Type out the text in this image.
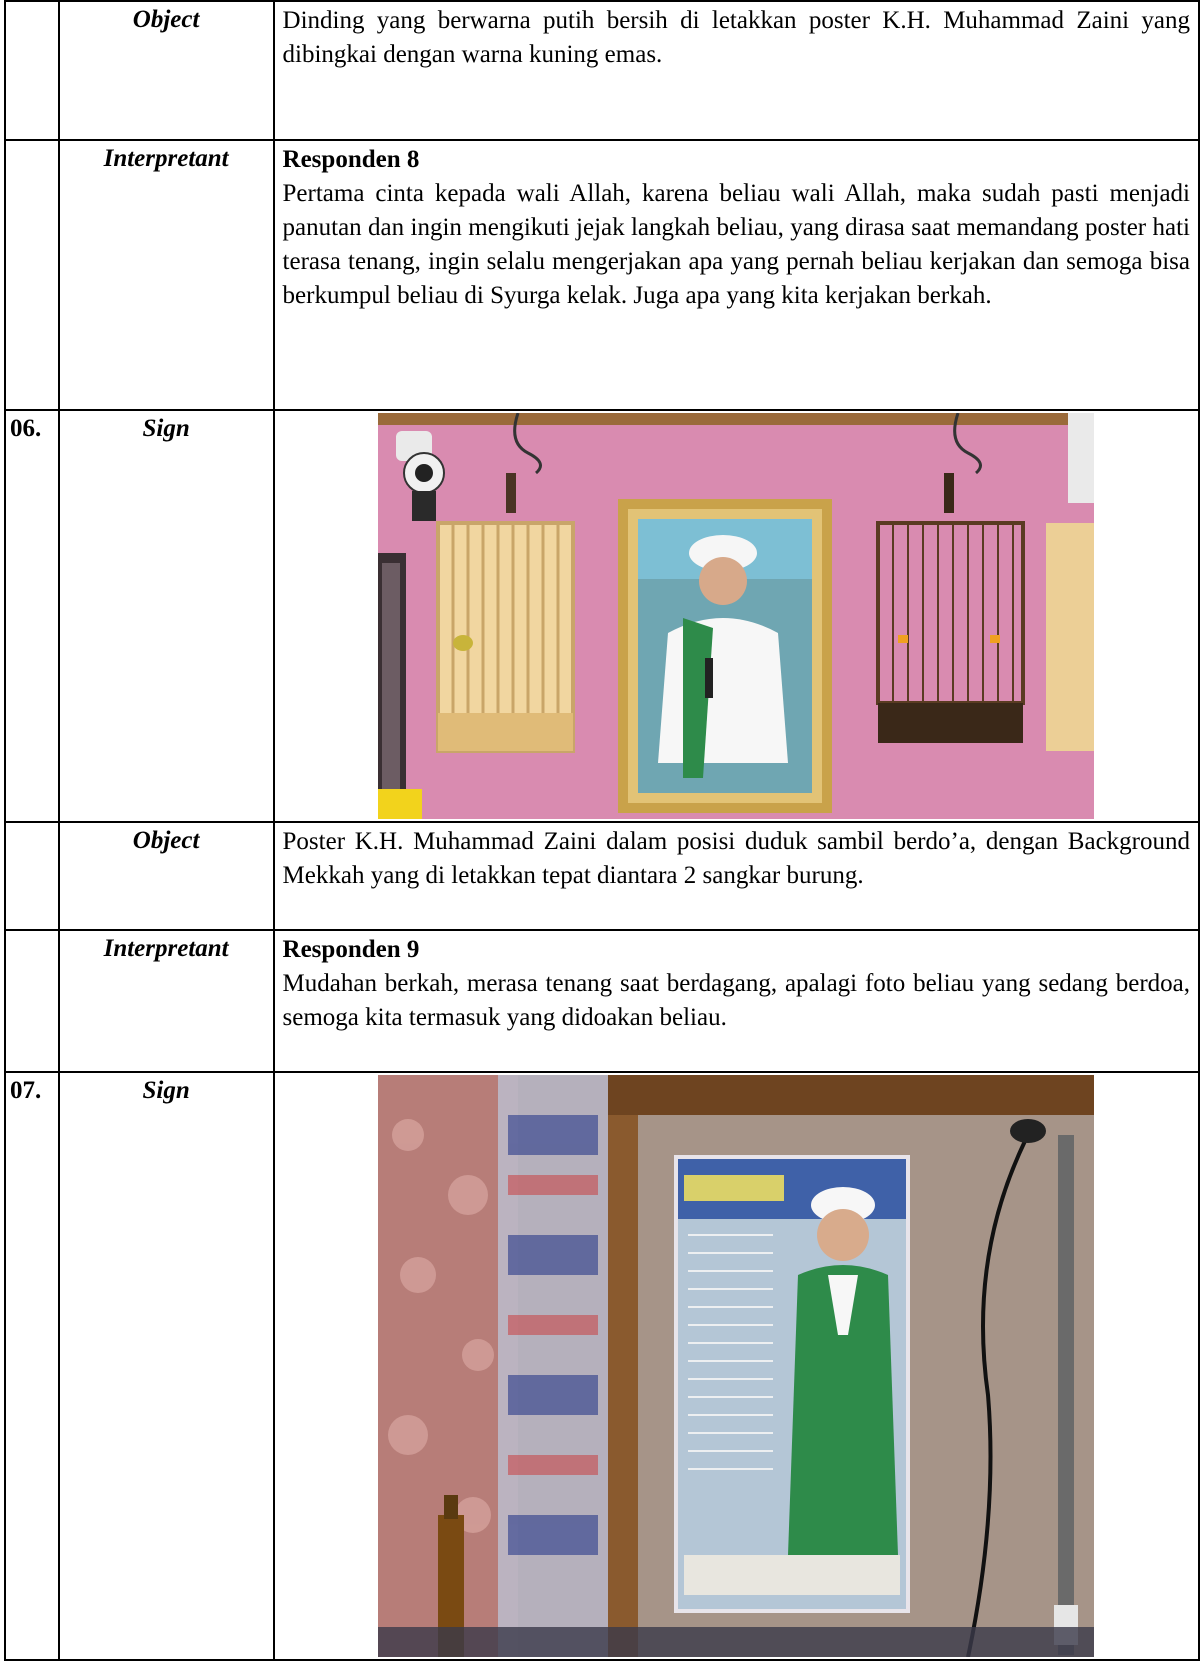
	Object	Dinding yang berwarna putih bersih di letakkan poster K.H. Muhammad Zaini yang dibingkai dengan warna kuning emas.

	Interpretant	Responden 8
Pertama cinta kepada wali Allah, karena beliau wali Allah, maka sudah pasti menjadi panutan dan ingin mengikuti jejak langkah beliau, yang dirasa saat memandang poster hati terasa tenang, ingin selalu mengerjakan apa yang pernah beliau kerjakan dan semoga bisa berkumpul beliau di Syurga kelak. Juga apa yang kita kerjakan berkah.

06.	Sign	

	Object	Poster K.H. Muhammad Zaini dalam posisi duduk sambil berdo’a, dengan Background Mekkah yang di letakkan tepat diantara 2 sangkar burung.

	Interpretant	Responden 9
Mudahan berkah, merasa tenang saat berdagang, apalagi foto beliau yang sedang berdoa, semoga kita termasuk yang didoakan beliau.

07.	Sign	
